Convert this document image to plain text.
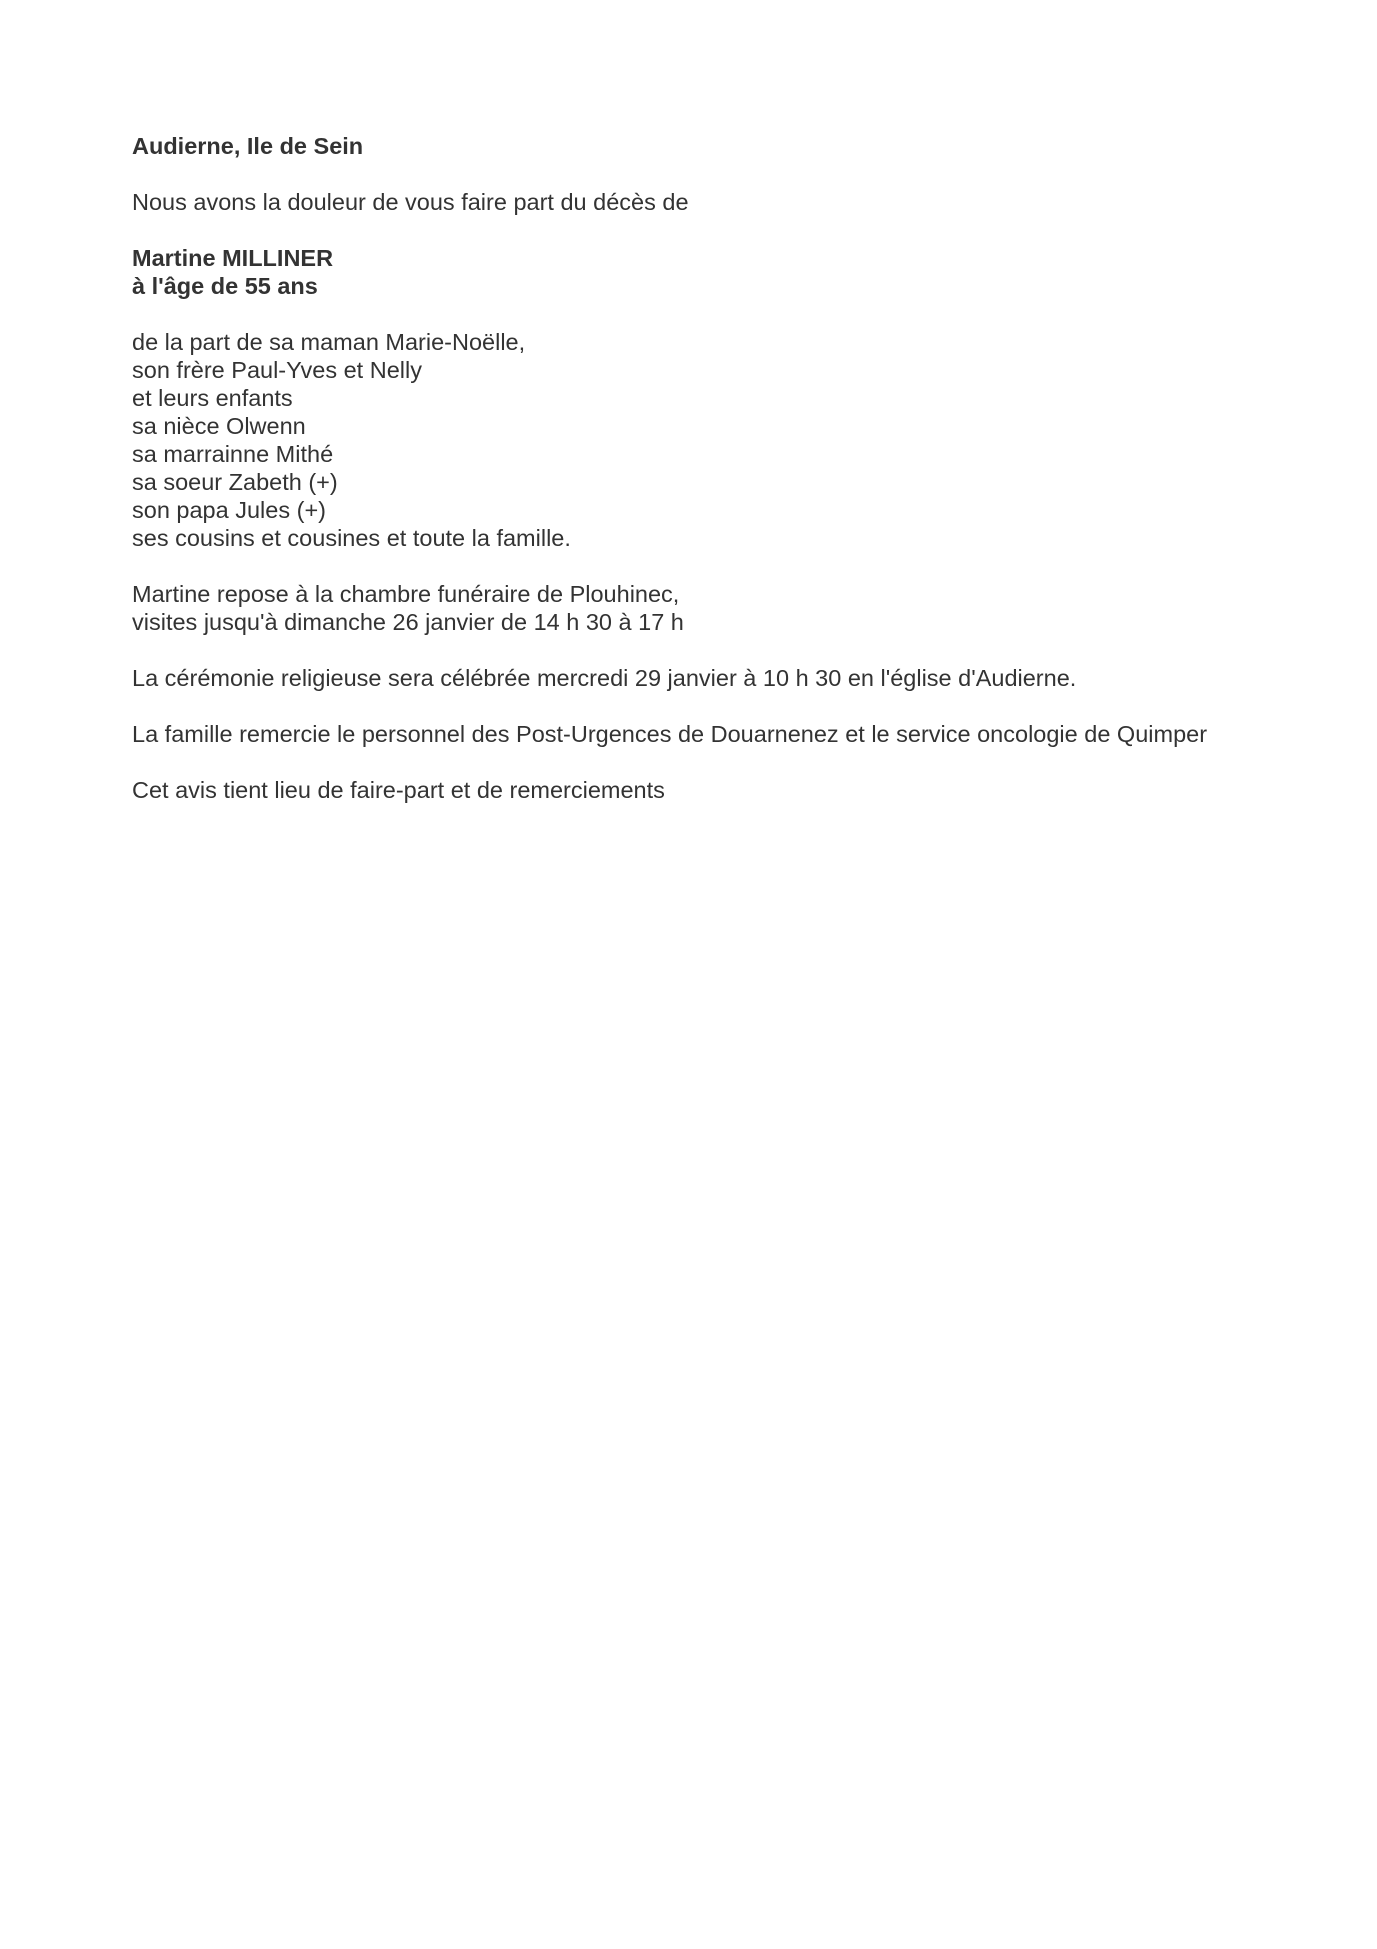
Audierne, Ile de Sein
Nous avons la douleur de vous faire part du décès de
Martine MILLINER
à l'âge de 55 ans
de la part de sa maman Marie-Noëlle,
son frère Paul-Yves et Nelly
et leurs enfants
sa nièce Olwenn
sa marrainne Mithé
sa soeur Zabeth (+)
son papa Jules (+)
ses cousins et cousines et toute la famille.
Martine repose à la chambre funéraire de Plouhinec,
visites jusqu'à dimanche 26 janvier de 14 h 30 à 17 h
La cérémonie religieuse sera célébrée mercredi 29 janvier à 10 h 30 en l'église d'Audierne.
La famille remercie le personnel des Post-Urgences de Douarnenez et le service oncologie de Quimper
Cet avis tient lieu de faire-part et de remerciements
